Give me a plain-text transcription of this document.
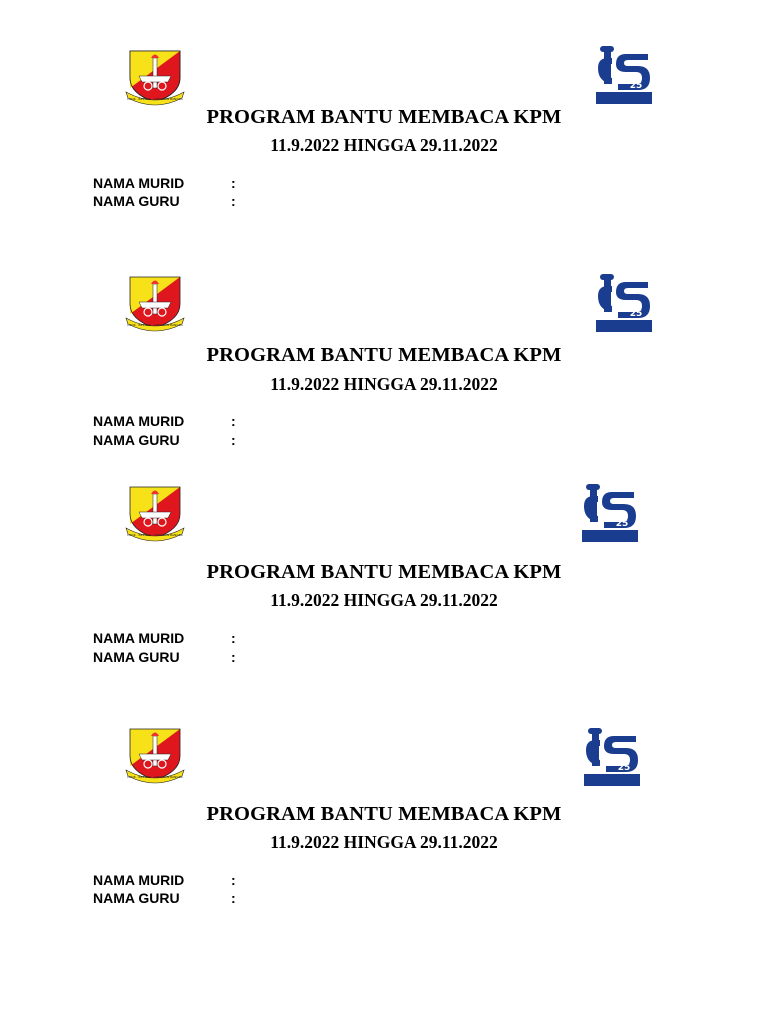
DIDIK · BESTARI · CINTAKAN BANGSA
25
PROGRAM BANTU MEMBACA KPM
11.9.2022 HINGGA 29.11.2022
NAMA MURID	:
NAMA GURU	:
DIDIK · BESTARI · CINTAKAN BANGSA
25
PROGRAM BANTU MEMBACA KPM
11.9.2022 HINGGA 29.11.2022
NAMA MURID	:
NAMA GURU	:
DIDIK · BESTARI · CINTAKAN BANGSA
25
PROGRAM BANTU MEMBACA KPM
11.9.2022 HINGGA 29.11.2022
NAMA MURID	:
NAMA GURU	:
DIDIK · BESTARI · CINTAKAN BANGSA
25
PROGRAM BANTU MEMBACA KPM
11.9.2022 HINGGA 29.11.2022
NAMA MURID	:
NAMA GURU	:
